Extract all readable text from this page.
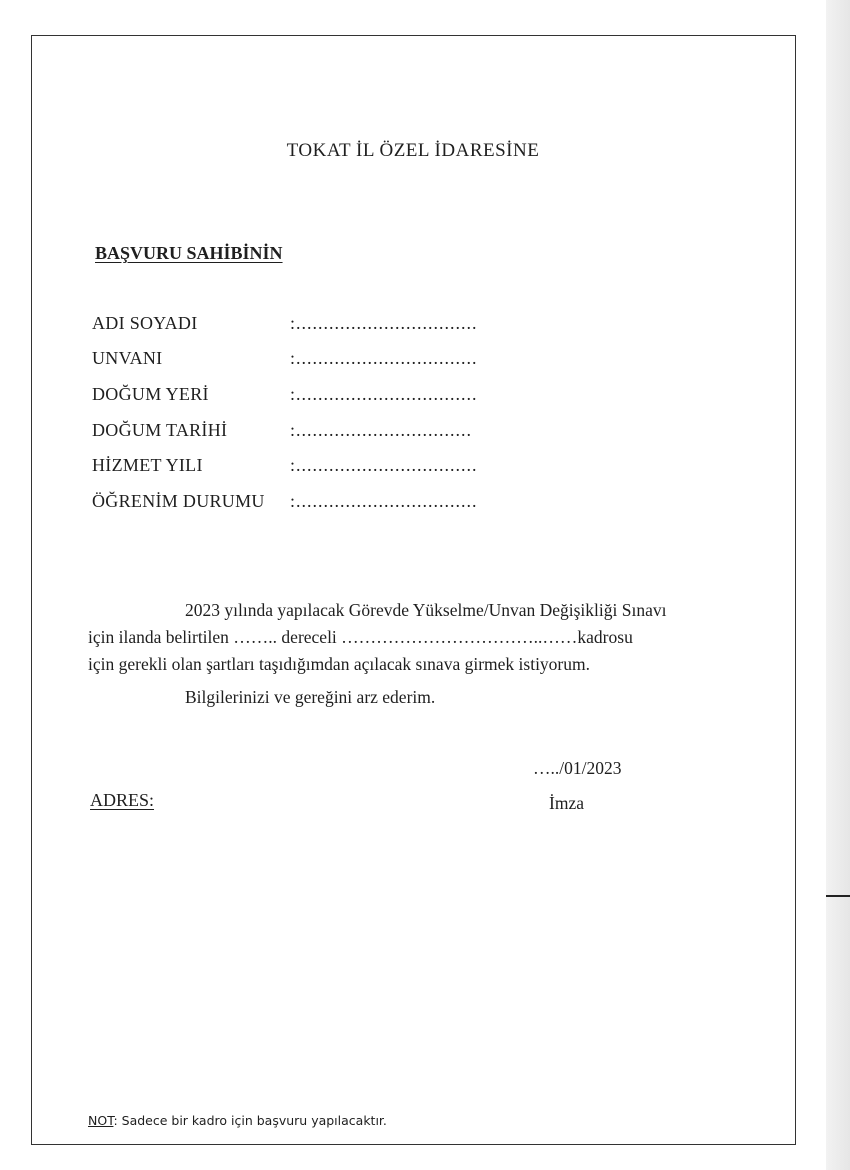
TOKAT İL ÖZEL İDARESİNE
BAŞVURU SAHİBİNİN
ADI SOYADI	:.................................
UNVANI	:.................................
DOĞUM YERİ	:.................................
DOĞUM TARİHİ	:................................
HİZMET YILI	:.................................
ÖĞRENİM DURUMU	:.................................
2023 yılında yapılacak Görevde Yükselme/Unvan Değişikliği Sınavı
için ilanda belirtilen …….. dereceli ……………………………..……kadrosu
için gerekli olan şartları taşıdığımdan açılacak sınava girmek istiyorum.
Bilgilerinizi ve gereğini arz ederim.
…../01/2023
İmza
ADRES:
NOT: Sadece bir kadro için başvuru yapılacaktır.
